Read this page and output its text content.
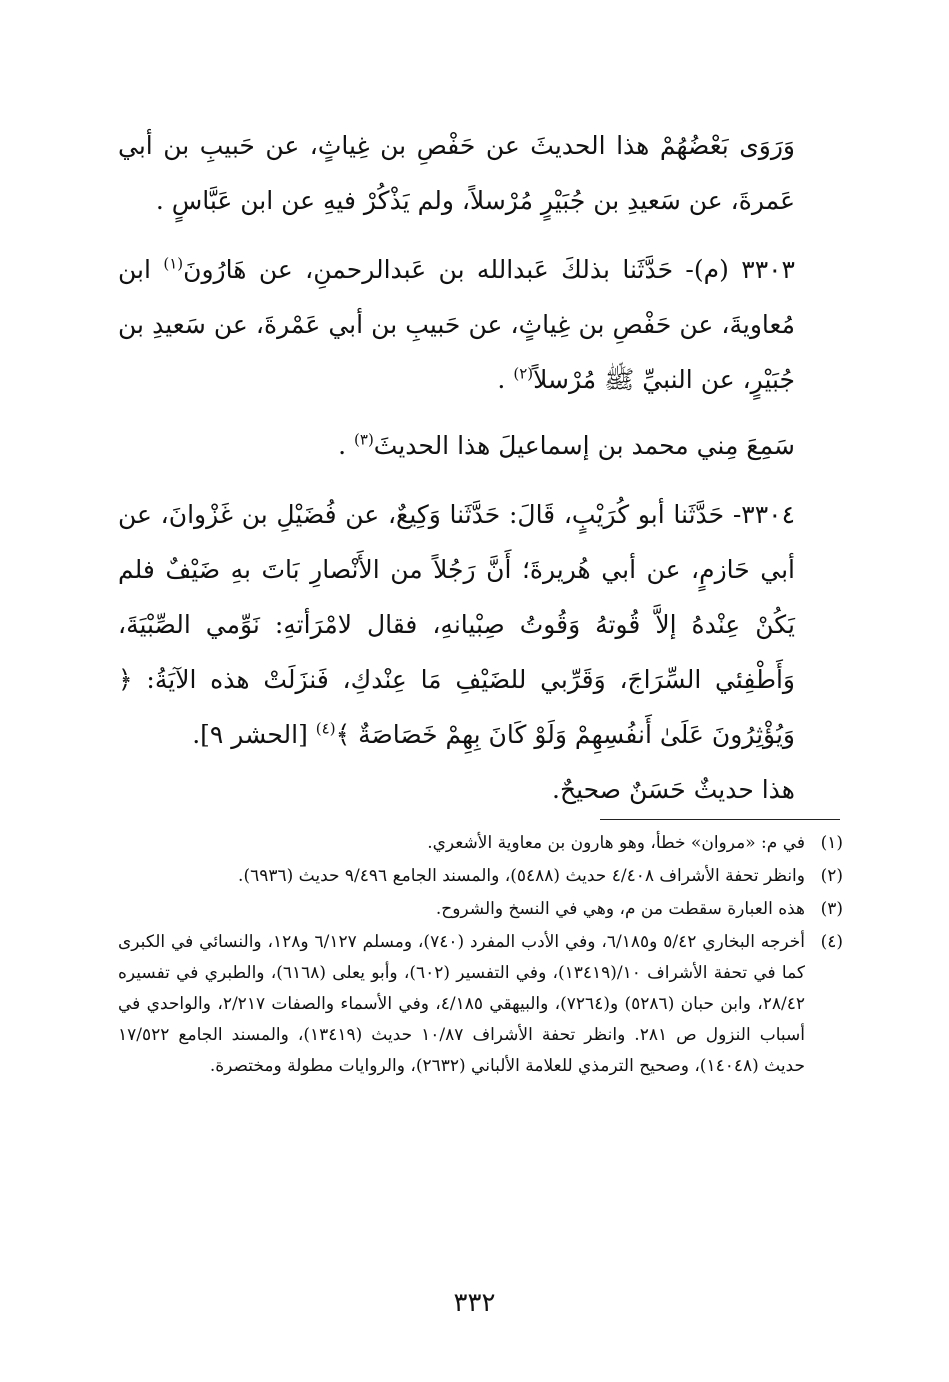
وَرَوَى بَعْضُهُمْ هذا الحديثَ عن حَفْصِ بن غِياثٍ، عن حَبيبِ بن أبي عَمرةَ، عن سَعيدِ بن جُبَيْرٍ مُرْسلاً، ولم يَذْكُرْ فيهِ عن ابن عَبَّاسٍ .

٣٣٠٣ (م)- حَدَّثَنا بذلكَ عَبدالله بن عَبدالرحمنِ، عن هَارُونَ$^{(١)}$ ابن مُعاويةَ، عن حَفْصِ بن غِياثٍ، عن حَبيبِ بن أبي عَمْرةَ، عن سَعيدِ بن جُبَيْرٍ، عن النبيِّ ﷺ مُرْسلاً$^{(٢)}$ .

سَمِعَ مِني محمد بن إسماعيلَ هذا الحديثَ$^{(٣)}$ .

٣٣٠٤- حَدَّثَنا أبو كُرَيْبٍ، قَالَ: حَدَّثَنا وَكِيعٌ، عن فُضَيْلِ بن غَزْوانَ، عن أبي حَازمٍ، عن أبي هُريرةَ؛ أَنَّ رَجُلاً من الأَنْصارِ بَاتَ بهِ ضَيْفٌ فلم يَكُنْ عِنْدهُ إلاَّ قُوتهُ وَقُوتُ صِبْيانهِ، فقال لامْرَأتهِ: نَوِّمي الصِّبْيَةَ، وَأَطْفِئي السِّرَاجَ، وَقَرِّبي للضَيْفِ مَا عِنْدكِ، فَنزَلَتْ هذه الآيَةُ: ﴿ وَيُؤْثِرُونَ عَلَىٰ أَنفُسِهِمْ وَلَوْ كَانَ بِهِمْ خَصَاصَةٌ ﴾$^{(٤)}$ [الحشر ٩].

هذا حديثٌ حَسَنٌ صحيحٌ.

(١)
في م: «مروان» خطأ، وهو هارون بن معاوية الأشعري.
(٢)
وانظر تحفة الأشراف ٤/٤٠٨ حديث (٥٤٨٨)، والمسند الجامع ٩/٤٩٦ حديث (٦٩٣٦).
(٣)
هذه العبارة سقطت من م، وهي في النسخ والشروح.
(٤)
أخرجه البخاري ٥/٤٢ و٦/١٨٥، وفي الأدب المفرد (٧٤٠)، ومسلم ٦/١٢٧ و١٢٨، والنسائي في الكبرى كما في تحفة الأشراف ١٠/(١٣٤١٩)، وفي التفسير (٦٠٢)، وأبو يعلى (٦١٦٨)، والطبري في تفسيره ٢٨/٤٢، وابن حبان (٥٢٨٦) و(٧٢٦٤)، والبيهقي ٤/١٨٥، وفي الأسماء والصفات ٢/٢١٧، والواحدي في أسباب النزول ص ٢٨١. وانظر تحفة الأشراف ١٠/٨٧ حديث (١٣٤١٩)، والمسند الجامع ١٧/٥٢٢ حديث (١٤٠٤٨)، وصحيح الترمذي للعلامة الألباني (٢٦٣٢)، والروايات مطولة ومختصرة.
٣٣٢
